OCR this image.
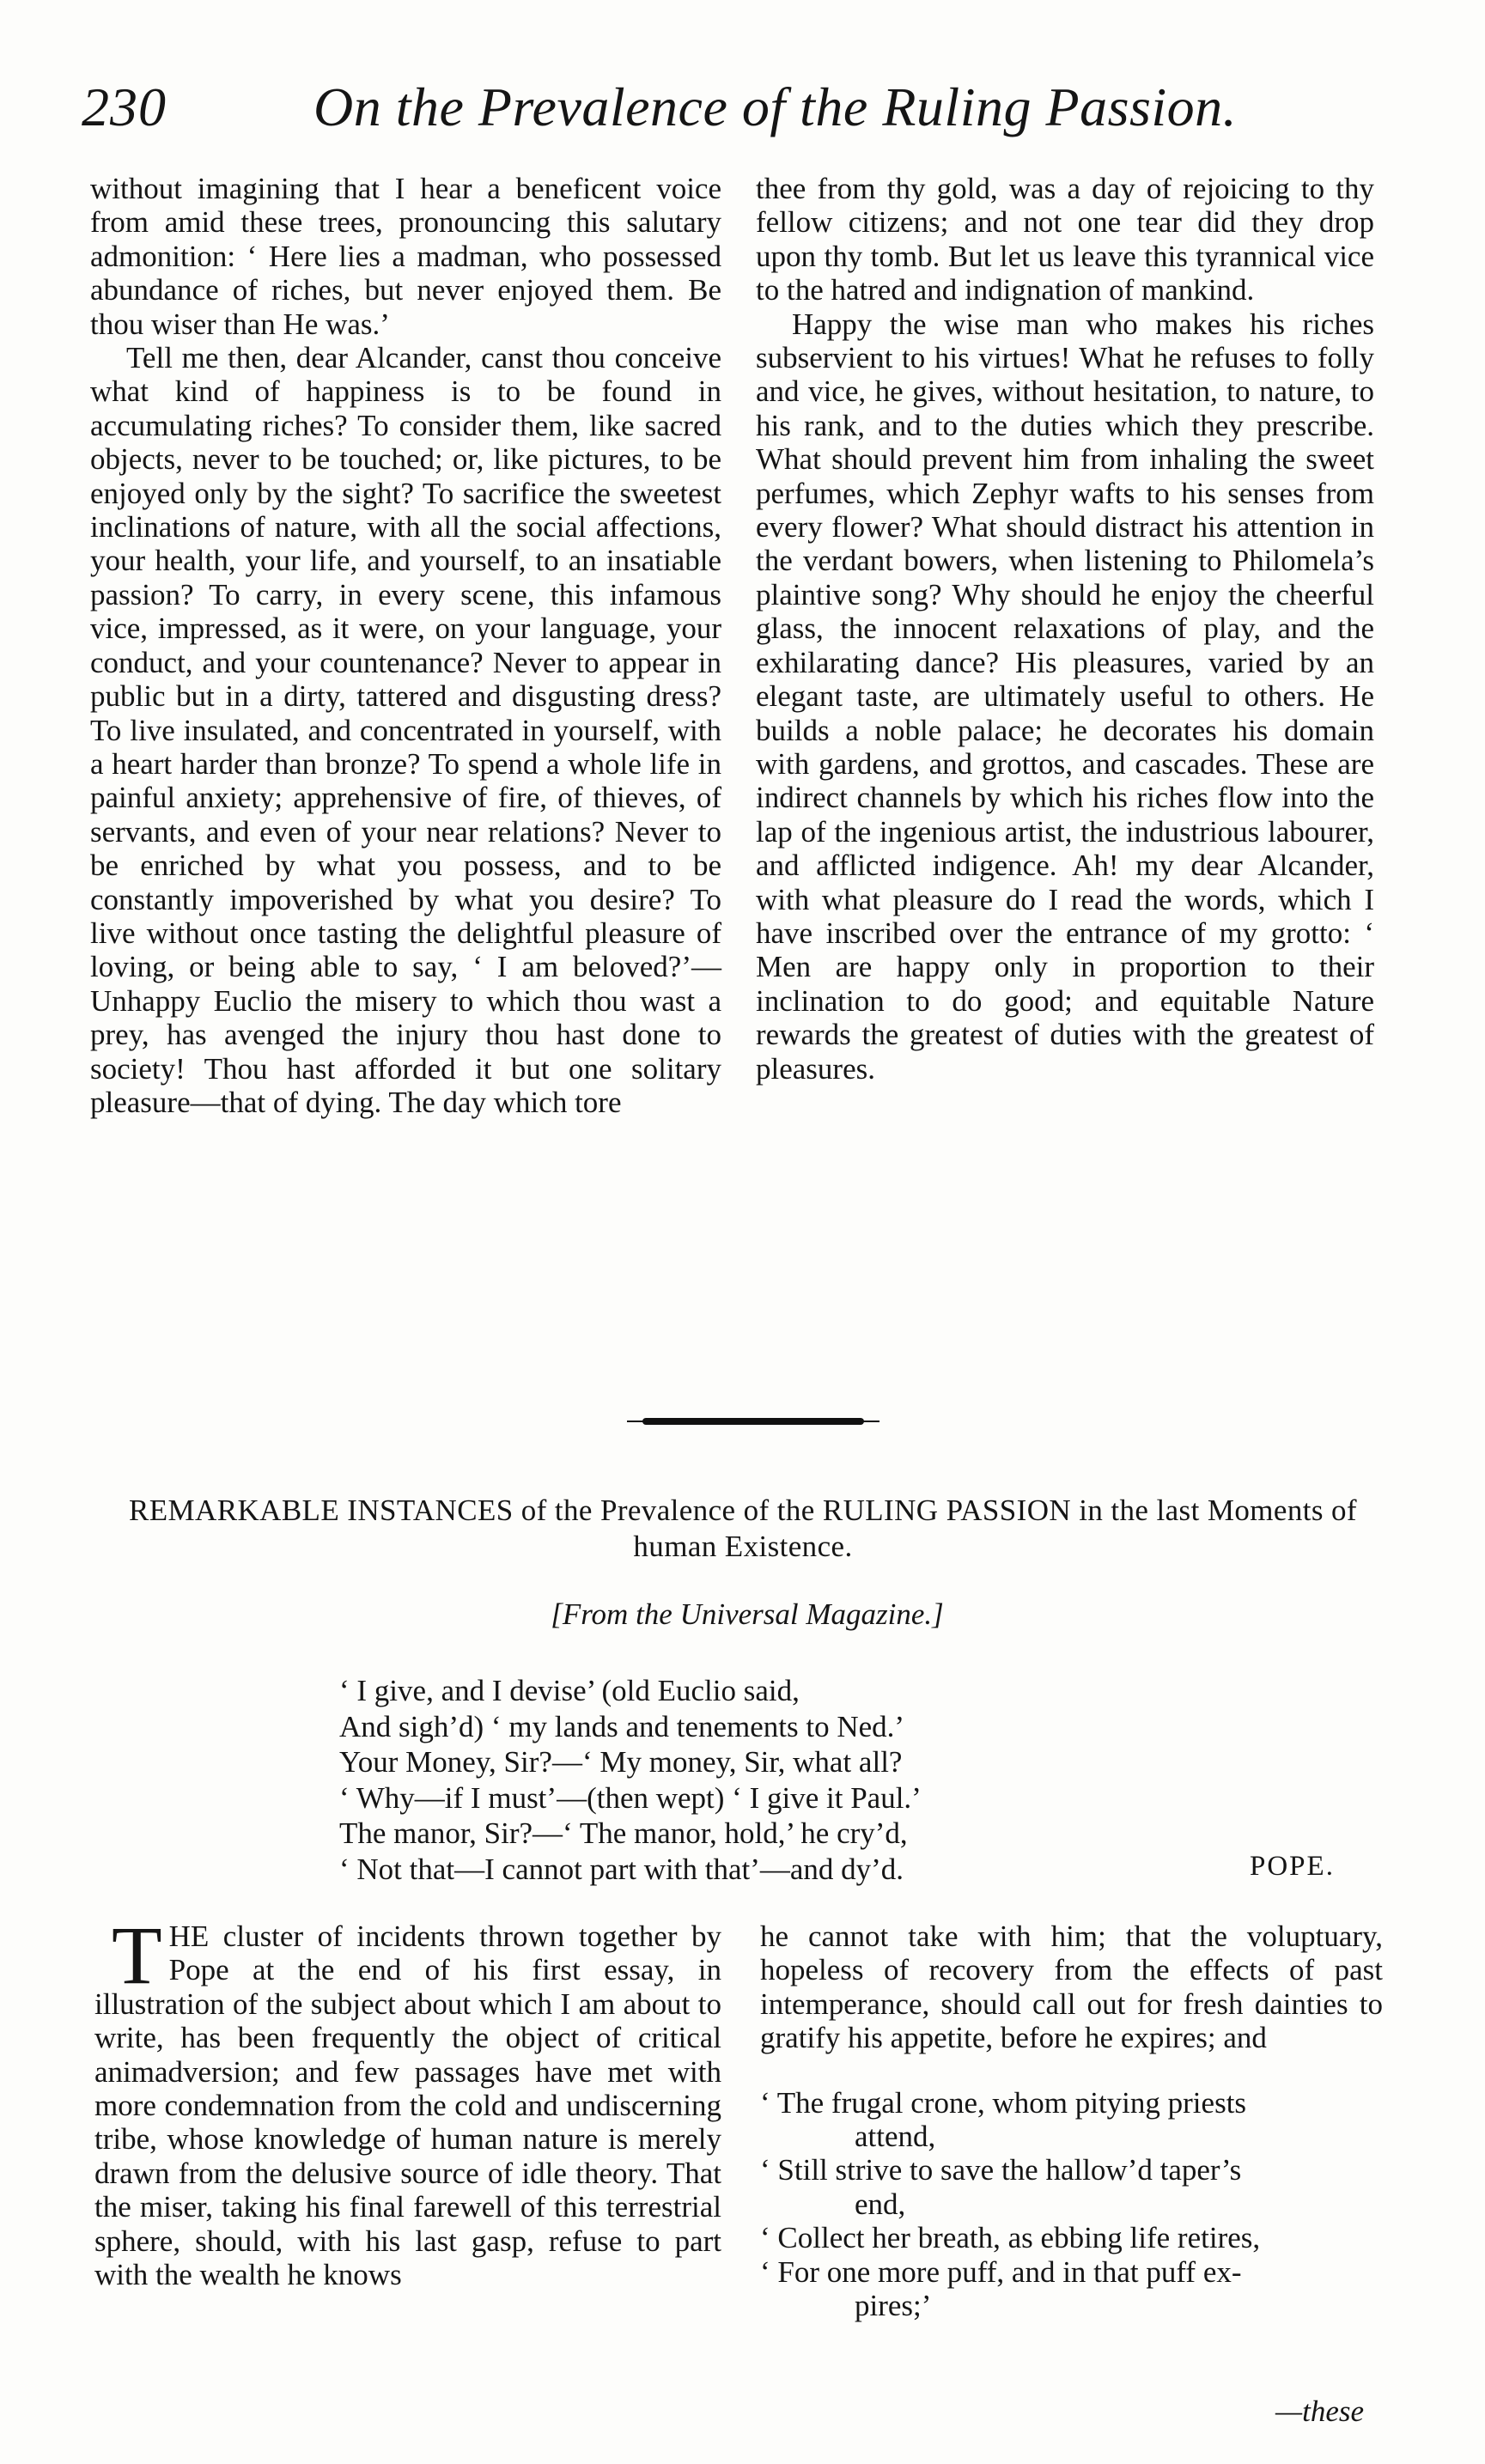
230	On the Prevalence of the Ruling Passion.

without imagining that I hear a beneficent voice from amid these trees, pronouncing this salutary admonition: ‘ Here lies a madman, who possessed abundance of riches, but never enjoyed them. Be thou wiser than He was.’

Tell me then, dear Alcander, canst thou conceive what kind of happiness is to be found in accumulating riches? To consider them, like sacred objects, never to be touched; or, like pictures, to be enjoyed only by the sight? To sacrifice the sweetest inclinations of nature, with all the social affections, your health, your life, and yourself, to an insatiable passion? To carry, in every scene, this infamous vice, impressed, as it were, on your language, your conduct, and your countenance? Never to appear in public but in a dirty, tattered and disgusting dress? To live insulated, and concentrated in yourself, with a heart harder than bronze? To spend a whole life in painful anxiety; apprehensive of fire, of thieves, of servants, and even of your near relations? Never to be enriched by what you possess, and to be constantly impoverished by what you desire? To live without once tasting the delightful pleasure of loving, or being able to say, ‘ I am beloved?’—Unhappy Euclio the misery to which thou wast a prey, has avenged the injury thou hast done to society! Thou hast afforded it but one solitary pleasure—that of dying. The day which tore

thee from thy gold, was a day of rejoicing to thy fellow citizens; and not one tear did they drop upon thy tomb. But let us leave this tyrannical vice to the hatred and indignation of mankind.

Happy the wise man who makes his riches subservient to his virtues! What he refuses to folly and vice, he gives, without hesitation, to nature, to his rank, and to the duties which they prescribe. What should prevent him from inhaling the sweet perfumes, which Zephyr wafts to his senses from every flower? What should distract his attention in the verdant bowers, when listening to Philomela’s plaintive song? Why should he enjoy the cheerful glass, the innocent relaxations of play, and the exhilarating dance? His pleasures, varied by an elegant taste, are ultimately useful to others. He builds a noble palace; he decorates his domain with gardens, and grottos, and cascades. These are indirect channels by which his riches flow into the lap of the ingenious artist, the industrious labourer, and afflicted indigence. Ah! my dear Alcander, with what pleasure do I read the words, which I have inscribed over the entrance of my grotto: ‘ Men are happy only in proportion to their inclination to do good; and equitable Nature rewards the greatest of duties with the greatest of pleasures.

REMARKABLE INSTANCES of the Prevalence of the RULING PASSION in the last Moments of human Existence.
[From the Universal Magazine.]
‘ I give, and I devise’ (old Euclio said,
And sigh’d) ‘ my lands and tenements to Ned.’
Your Money, Sir?—‘ My money, Sir, what all?
‘ Why—if I must’—(then wept) ‘ I give it Paul.’
The manor, Sir?—‘ The manor, hold,’ he cry’d,
‘ Not that—I cannot part with that’—and dy’d.	POPE.

THE cluster of incidents thrown together by Pope at the end of his first essay, in illustration of the subject about which I am about to write, has been frequently the object of critical animadversion; and few passages have met with more condemnation from the cold and undiscerning tribe, whose knowledge of human nature is merely drawn from the delusive source of idle theory. That the miser, taking his final farewell of this terrestrial sphere, should, with his last gasp, refuse to part with the wealth he knows

he cannot take with him; that the voluptuary, hopeless of recovery from the effects of past intemperance, should call out for fresh dainties to gratify his appetite, before he expires; and

‘ The frugal crone, whom pitying priests
attend,
‘ Still strive to save the hallow’d taper’s
end,
‘ Collect her breath, as ebbing life retires,
‘ For one more puff, and in that puff ex-
pires;’
—these
